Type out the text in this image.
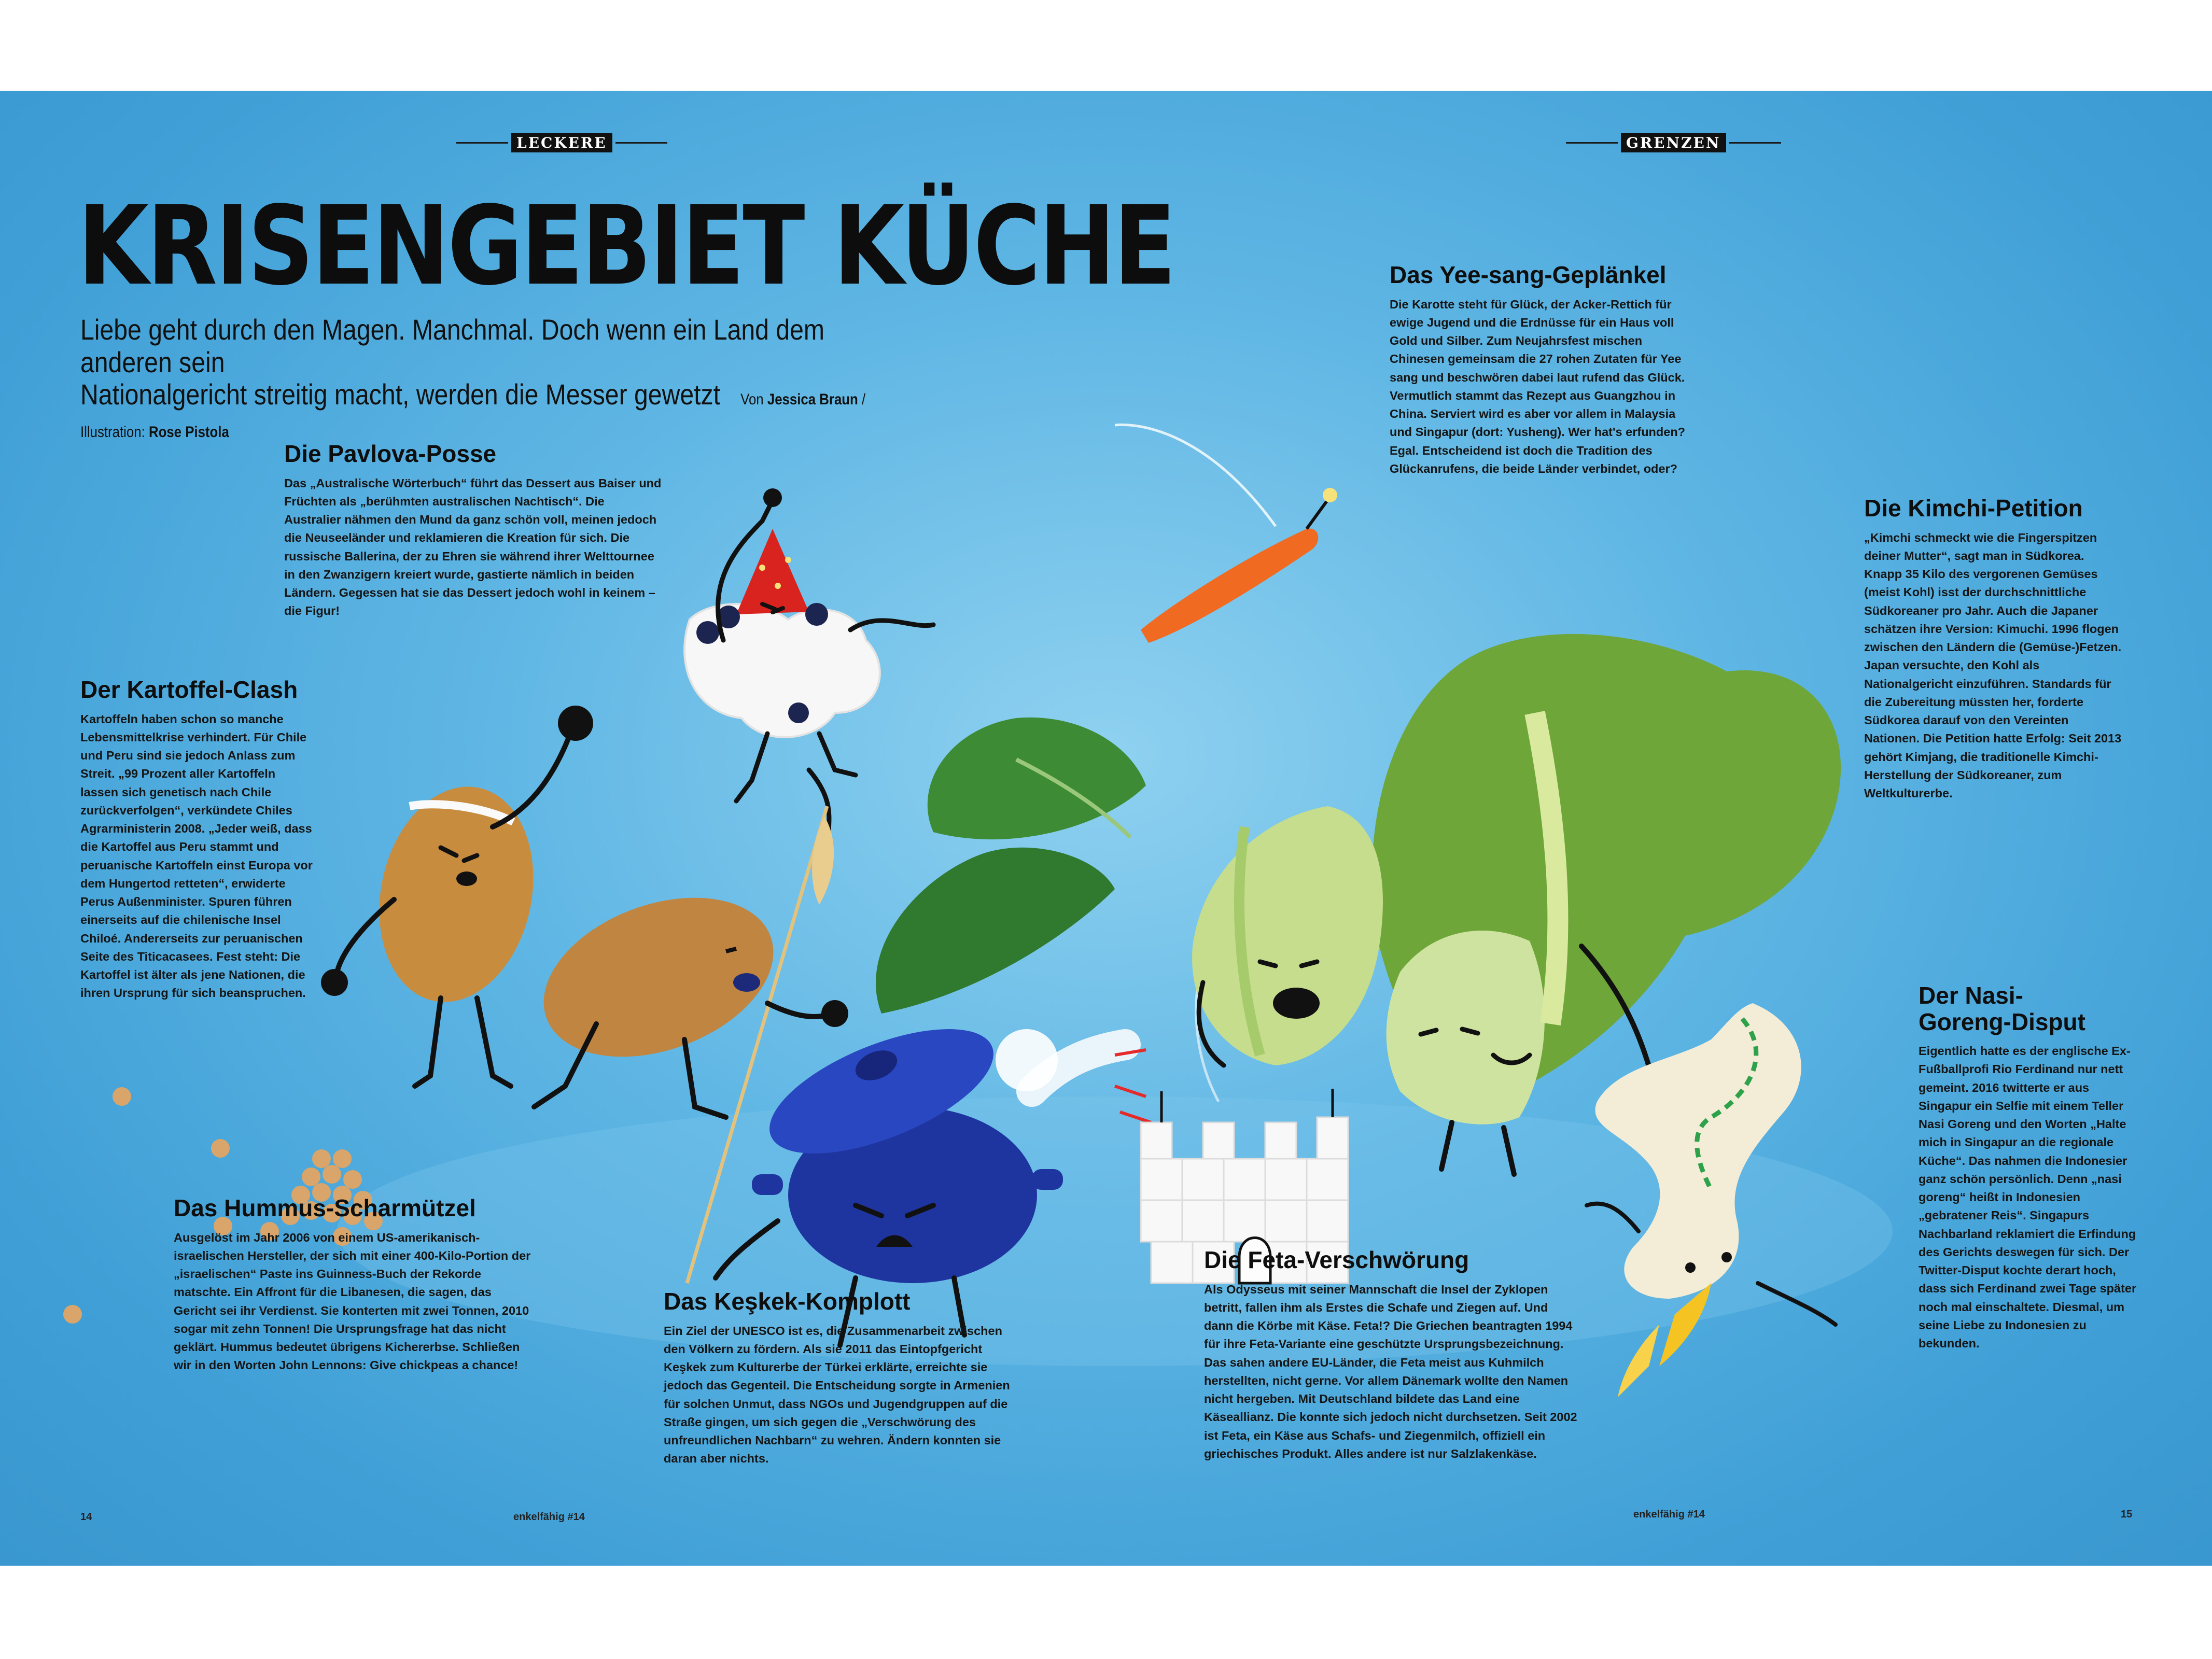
LECKERE	GRENZEN
KRISENGEBIET KÜCHE
Liebe geht durch den Magen. Manchmal. Doch wenn ein Land dem anderen sein
Nationalgericht streitig macht, werden die Messer gewetzt Von Jessica Braun / Illustration: Rose Pistola
Die Pavlova-Posse

Das „Australische Wörterbuch“ führt das Dessert aus Baiser und Früchten als „berühmten australischen Nachtisch“. Die Australier nähmen den Mund da ganz schön voll, meinen jedoch die Neuseeländer und reklamieren die Kreation für sich. Die russische Ballerina, der zu Ehren sie während ihrer Welttournee in den Zwanzigern kreiert wurde, gastierte nämlich in beiden Ländern. Gegessen hat sie das Dessert jedoch wohl in keinem – die Figur!

Der Kartoffel-Clash

Kartoffeln haben schon so manche Lebensmittelkrise verhindert. Für Chile und Peru sind sie jedoch Anlass zum Streit. „99 Prozent aller Kartoffeln lassen sich genetisch nach Chile zurückverfolgen“, verkündete Chiles Agrarministerin 2008. „Jeder weiß, dass die Kartoffel aus Peru stammt und peruanische Kartoffeln einst Europa vor dem Hungertod retteten“, erwiderte Perus Außenminister. Spuren führen einerseits auf die chilenische Insel Chiloé. Andererseits zur peruanischen Seite des Titicacasees. Fest steht: Die Kartoffel ist älter als jene Nationen, die ihren Ursprung für sich beanspruchen.

Das Hummus-Scharmützel

Ausgelöst im Jahr 2006 von einem US-amerikanisch-israelischen Hersteller, der sich mit einer 400-Kilo-Portion der „israelischen“ Paste ins Guinness-Buch der Rekorde matschte. Ein Affront für die Libanesen, die sagen, das Gericht sei ihr Verdienst. Sie konterten mit zwei Tonnen, 2010 sogar mit zehn Tonnen! Die Ursprungsfrage hat das nicht geklärt. Hummus bedeutet übrigens Kichererbse. Schließen wir in den Worten John Lennons: Give chickpeas a chance!

Das Keşkek-Komplott

Ein Ziel der UNESCO ist es, die Zusammenarbeit zwischen den Völkern zu fördern. Als sie 2011 das Eintopfgericht Keşkek zum Kulturerbe der Türkei erklärte, erreichte sie jedoch das Gegenteil. Die Entscheidung sorgte in Armenien für solchen Unmut, dass NGOs und Jugendgruppen auf die Straße gingen, um sich gegen die „Verschwörung des unfreundlichen Nachbarn“ zu wehren. Ändern konnten sie daran aber nichts.

Die Feta-Verschwörung

Als Odysseus mit seiner Mannschaft die Insel der Zyklopen betritt, fallen ihm als Erstes die Schafe und Ziegen auf. Und dann die Körbe mit Käse. Feta!? Die Griechen beantragten 1994 für ihre Feta-Variante eine geschützte Ursprungsbezeichnung. Das sahen andere EU-Länder, die Feta meist aus Kuhmilch herstellten, nicht gerne. Vor allem Dänemark wollte den Namen nicht hergeben. Mit Deutschland bildete das Land eine Käseallianz. Die konnte sich jedoch nicht durchsetzen. Seit 2002 ist Feta, ein Käse aus Schafs- und Ziegenmilch, offiziell ein griechisches Produkt. Alles andere ist nur Salzlakenkäse.

Das Yee-sang-Geplänkel

Die Karotte steht für Glück, der Acker-Rettich für ewige Jugend und die Erdnüsse für ein Haus voll Gold und Silber. Zum Neujahrsfest mischen Chinesen gemeinsam die 27 rohen Zutaten für Yee sang und beschwören dabei laut rufend das Glück. Vermutlich stammt das Rezept aus Guangzhou in China. Serviert wird es aber vor allem in Malaysia und Singapur (dort: Yusheng). Wer hat's erfunden? Egal. Entscheidend ist doch die Tradition des Glückanrufens, die beide Länder verbindet, oder?

Die Kimchi-Petition

„Kimchi schmeckt wie die Fingerspitzen deiner Mutter“, sagt man in Südkorea. Knapp 35 Kilo des vergorenen Gemüses (meist Kohl) isst der durchschnittliche Südkoreaner pro Jahr. Auch die Japaner schätzen ihre Version: Kimuchi. 1996 flogen zwischen den Ländern die (Gemüse-)Fetzen. Japan versuchte, den Kohl als Nationalgericht einzuführen. Standards für die Zubereitung müssten her, forderte Südkorea darauf von den Vereinten Nationen. Die Petition hatte Erfolg: Seit 2013 gehört Kimjang, die traditionelle Kimchi-Herstellung der Südkoreaner, zum Weltkulturerbe.

Der Nasi-
Goreng-Disput

Eigentlich hatte es der englische Ex-Fußballprofi Rio Ferdinand nur nett gemeint. 2016 twitterte er aus Singapur ein Selfie mit einem Teller Nasi Goreng und den Worten „Halte mich in Singapur an die regionale Küche“. Das nahmen die Indonesier ganz schön persönlich. Denn „nasi goreng“ heißt in Indonesien „gebratener Reis“. Singapurs Nachbarland reklamiert die Erfindung des Gerichts deswegen für sich. Der Twitter-Disput kochte derart hoch, dass sich Ferdinand zwei Tage später noch mal einschaltete. Diesmal, um seine Liebe zu Indonesien zu bekunden.

14	enkelfähig #14	enkelfähig #14	15
